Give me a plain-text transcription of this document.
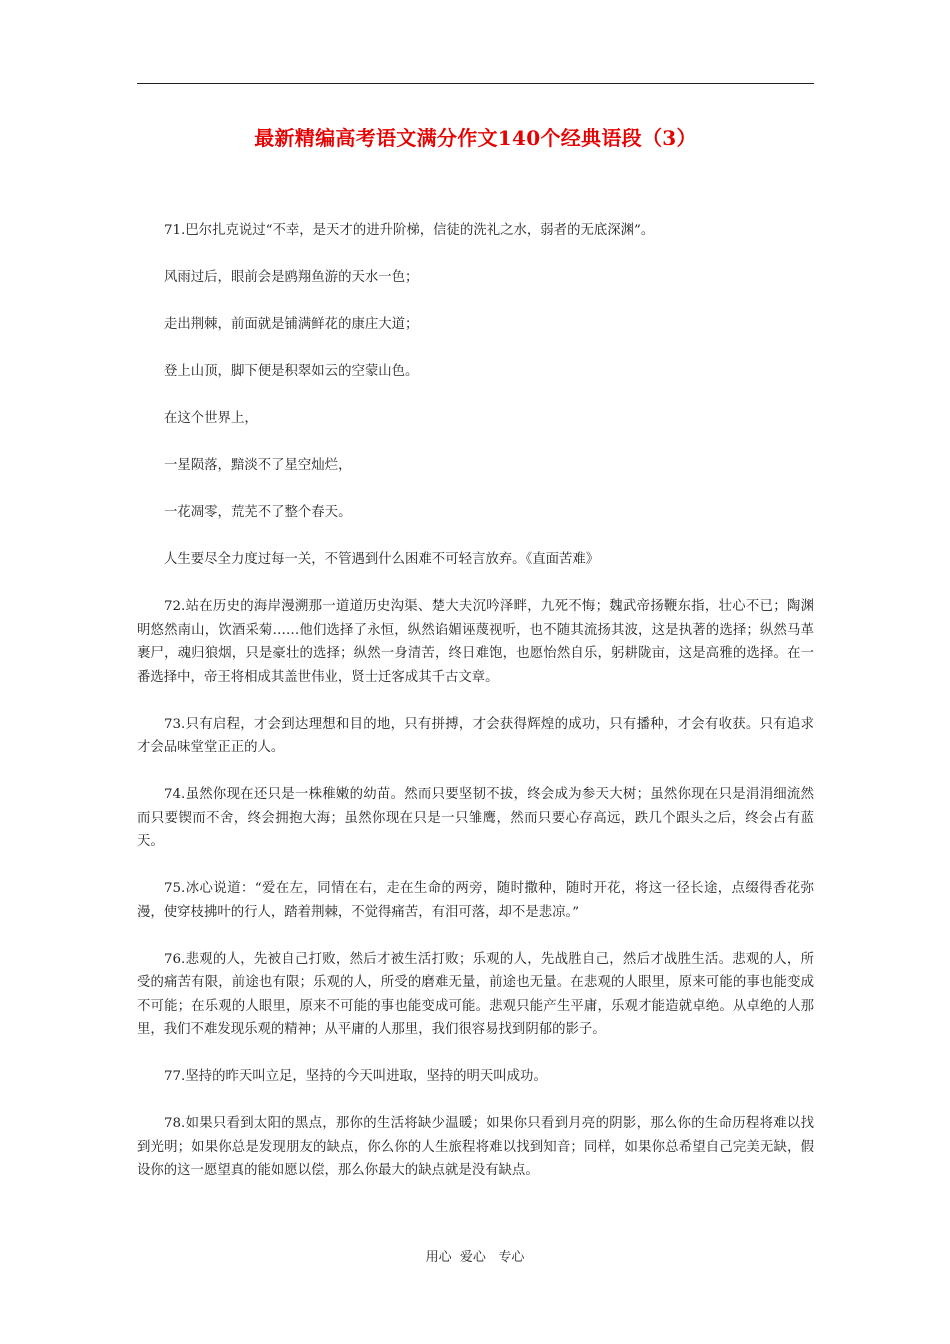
最新精编高考语文满分作文140个经典语段（3）

71.巴尔扎克说过“不幸，是天才的进升阶梯，信徒的洗礼之水，弱者的无底深渊”。

风雨过后，眼前会是鸥翔鱼游的天水一色；

走出荆棘，前面就是铺满鲜花的康庄大道；

登上山顶，脚下便是积翠如云的空蒙山色。

在这个世界上，

一星陨落，黯淡不了星空灿烂，

一花凋零，荒芜不了整个春天。

人生要尽全力度过每一关，不管遇到什么困难不可轻言放弃。《直面苦难》

72.站在历史的海岸漫溯那一道道历史沟渠、楚大夫沉吟泽畔，九死不悔；魏武帝扬鞭东指，壮心不已；陶渊明悠然南山，饮酒采菊……他们选择了永恒，纵然谄媚诬蔑视听，也不随其流扬其波，这是执著的选择；纵然马革裹尸，魂归狼烟，只是豪壮的选择；纵然一身清苦，终日难饱，也愿怡然自乐，躬耕陇亩，这是高雅的选择。在一番选择中，帝王将相成其盖世伟业，贤士迁客成其千古文章。

73.只有启程，才会到达理想和目的地，只有拼搏，才会获得辉煌的成功，只有播种，才会有收获。只有追求才会品味堂堂正正的人。

74.虽然你现在还只是一株稚嫩的幼苗。然而只要坚韧不拔，终会成为参天大树；虽然你现在只是涓涓细流然而只要锲而不舍，终会拥抱大海；虽然你现在只是一只雏鹰，然而只要心存高远，跌几个跟头之后，终会占有蓝天。

75.冰心说道：“爱在左，同情在右，走在生命的两旁，随时撒种，随时开花，将这一径长途，点缀得香花弥漫，使穿枝拂叶的行人，踏着荆棘，不觉得痛苦，有泪可落，却不是悲凉。”

76.悲观的人，先被自己打败，然后才被生活打败；乐观的人，先战胜自己，然后才战胜生活。悲观的人，所受的痛苦有限，前途也有限；乐观的人，所受的磨难无量，前途也无量。在悲观的人眼里，原来可能的事也能变成不可能；在乐观的人眼里，原来不可能的事也能变成可能。悲观只能产生平庸，乐观才能造就卓绝。从卓绝的人那里，我们不难发现乐观的精神；从平庸的人那里，我们很容易找到阴郁的影子。

77.坚持的昨天叫立足，坚持的今天叫进取，坚持的明天叫成功。

78.如果只看到太阳的黑点，那你的生活将缺少温暖；如果你只看到月亮的阴影，那么你的生命历程将难以找到光明；如果你总是发现朋友的缺点，你么你的人生旅程将难以找到知音；同样，如果你总希望自己完美无缺，假设你的这一愿望真的能如愿以偿，那么你最大的缺点就是没有缺点。

用心  爱心   专心
